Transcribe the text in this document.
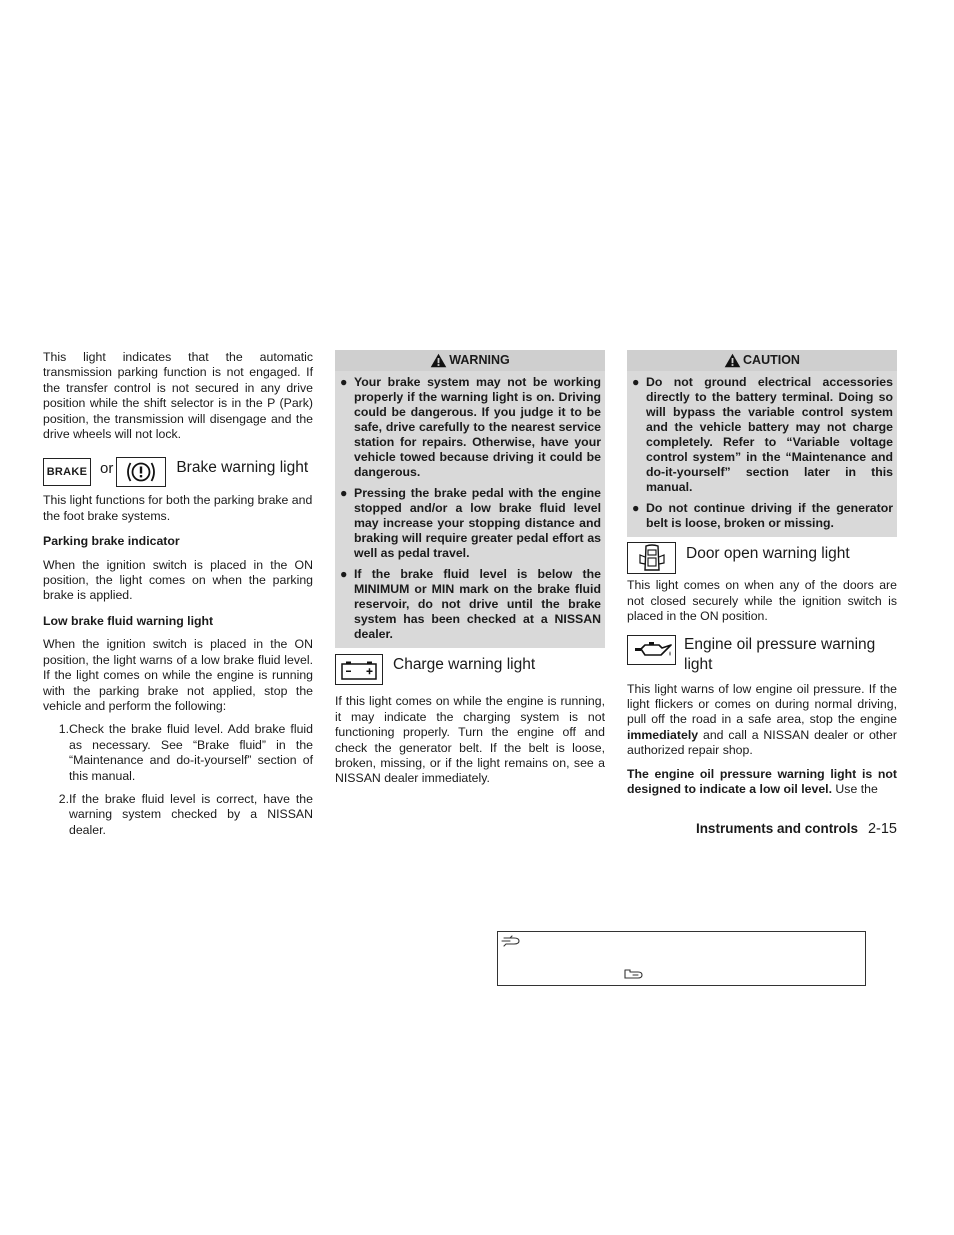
This light indicates that the automatic transmission parking function is not engaged. If the transfer control is not secured in any drive position while the shift selector is in the P (Park) position, the transmission will disengage and the drive wheels will not lock.

BRAKE or	Brake warning light

This light functions for both the parking brake and the foot brake systems.

Parking brake indicator

When the ignition switch is placed in the ON position, the light comes on when the parking brake is applied.

Low brake fluid warning light

When the ignition switch is placed in the ON position, the light warns of a low brake fluid level. If the light comes on while the engine is running with the parking brake not applied, stop the vehicle and perform the following:

1. Check the brake fluid level. Add brake fluid as necessary. See “Brake fluid” in the “Maintenance and do-it-yourself” section of this manual.
2. If the brake fluid level is correct, have the warning system checked by a NISSAN dealer.
WARNING
● Your brake system may not be working properly if the warning light is on. Driving could be dangerous. If you judge it to be safe, drive carefully to the nearest service station for repairs. Otherwise, have your vehicle towed because driving it could be dangerous.
● Pressing the brake pedal with the engine stopped and/or a low brake fluid level may increase your stopping distance and braking will require greater pedal effort as well as pedal travel.
● If the brake fluid level is below the MINIMUM or MIN mark on the brake fluid reservoir, do not drive until the brake system has been checked at a NISSAN dealer.
Charge warning light

If this light comes on while the engine is running, it may indicate the charging system is not functioning properly. Turn the engine off and check the generator belt. If the belt is loose, broken, missing, or if the light remains on, see a NISSAN dealer immediately.

CAUTION
● Do not ground electrical accessories directly to the battery terminal. Doing so will bypass the variable control system and the vehicle battery may not charge completely. Refer to “Variable voltage control system” in the “Maintenance and do-it-yourself” section later in this manual.
● Do not continue driving if the generator belt is loose, broken or missing.
Door open warning light

This light comes on when any of the doors are not closed securely while the ignition switch is placed in the ON position.

Engine oil pressure warning light

This light warns of low engine oil pressure. If the light flickers or comes on during normal driving, pull off the road in a safe area, stop the engine immediately and call a NISSAN dealer or other authorized repair shop.

The engine oil pressure warning light is not designed to indicate a low oil level. Use the

Instruments and controls 2-15
